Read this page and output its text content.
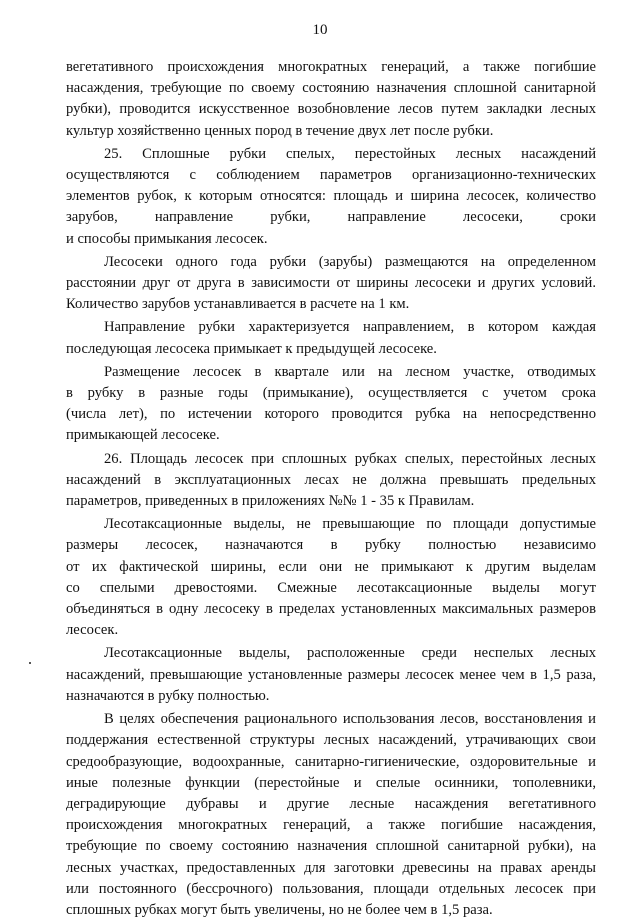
10
вегетативного происхождения многократных генераций, а также погибшие
насаждения, требующие по своему состоянию назначения сплошной санитарной
рубки), проводится искусственное возобновление лесов путем закладки лесных
культур хозяйственно ценных пород в течение двух лет после рубки.
25. Сплошные рубки спелых, перестойных лесных насаждений
осуществляются с соблюдением параметров организационно-технических
элементов рубок, к которым относятся: площадь и ширина лесосек, количество
зарубов, направление рубки, направление лесосеки, сроки
и способы примыкания лесосек.
Лесосеки одного года рубки (зарубы) размещаются на определенном
расстоянии друг от друга в зависимости от ширины лесосеки и других условий.
Количество зарубов устанавливается в расчете на 1 км.
Направление рубки характеризуется направлением, в котором каждая
последующая лесосека примыкает к предыдущей лесосеке.
Размещение лесосек в квартале или на лесном участке, отводимых
в рубку в разные годы (примыкание), осуществляется с учетом срока
(числа лет), по истечении которого проводится рубка на непосредственно
примыкающей лесосеке.
26. Площадь лесосек при сплошных рубках спелых, перестойных лесных
насаждений в эксплуатационных лесах не должна превышать предельных
параметров, приведенных в приложениях №№ 1 - 35 к Правилам.
Лесотаксационные выделы, не превышающие по площади допустимые
размеры лесосек, назначаются в рубку полностью независимо
от их фактической ширины, если они не примыкают к другим выделам
со спелыми древостоями. Смежные лесотаксационные выделы могут
объединяться в одну лесосеку в пределах установленных максимальных размеров
лесосек.
Лесотаксационные выделы, расположенные среди неспелых лесных
насаждений, превышающие установленные размеры лесосек менее чем в 1,5 раза,
назначаются в рубку полностью.
В целях обеспечения рационального использования лесов, восстановления и
поддержания естественной структуры лесных насаждений, утрачивающих свои
средообразующие, водоохранные, санитарно-гигиенические, оздоровительные и
иные полезные функции (перестойные и спелые осинники, тополевники,
деградирующие дубравы и другие лесные насаждения вегетативного
происхождения многократных генераций, а также погибшие насаждения,
требующие по своему состоянию назначения сплошной санитарной рубки), на
лесных участках, предоставленных для заготовки древесины на правах аренды
или постоянного (бессрочного) пользования, площади отдельных лесосек при
сплошных рубках могут быть увеличены, но не более чем в 1,5 раза.
